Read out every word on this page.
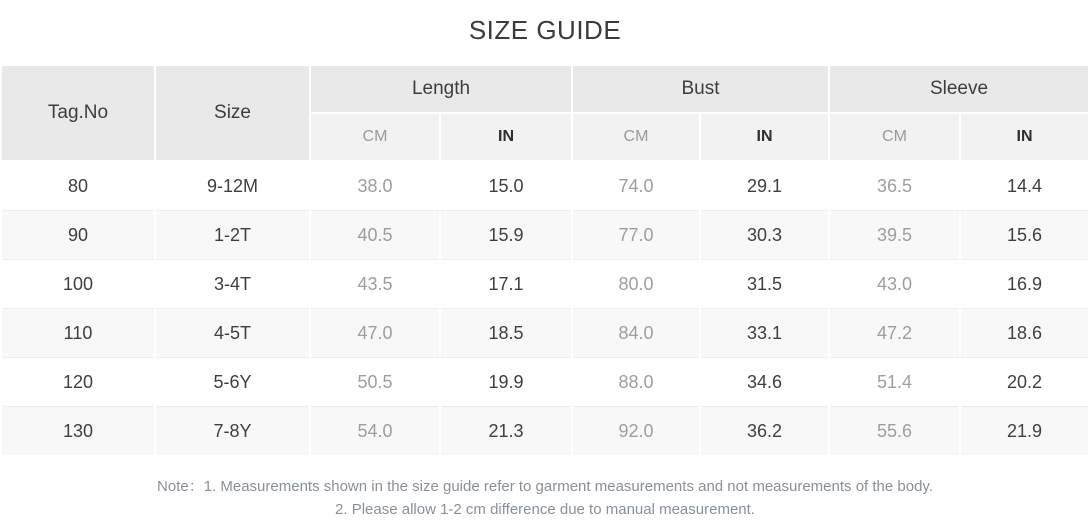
SIZE GUIDE
Tag.No	Size	Length		Bust		Sleeve	
		CM	IN	CM	IN	CM	IN
80	9-12M	38.0	15.0	74.0	29.1	36.5	14.4
90	1-2T	40.5	15.9	77.0	30.3	39.5	15.6
100	3-4T	43.5	17.1	80.0	31.5	43.0	16.9
110	4-5T	47.0	18.5	84.0	33.1	47.2	18.6
120	5-6Y	50.5	19.9	88.0	34.6	51.4	20.2
130	7-8Y	54.0	21.3	92.0	36.2	55.6	21.9
Note：1. Measurements shown in the size guide refer to garment measurements and not measurements of the body.
2. Please allow 1-2 cm difference due to manual measurement.
